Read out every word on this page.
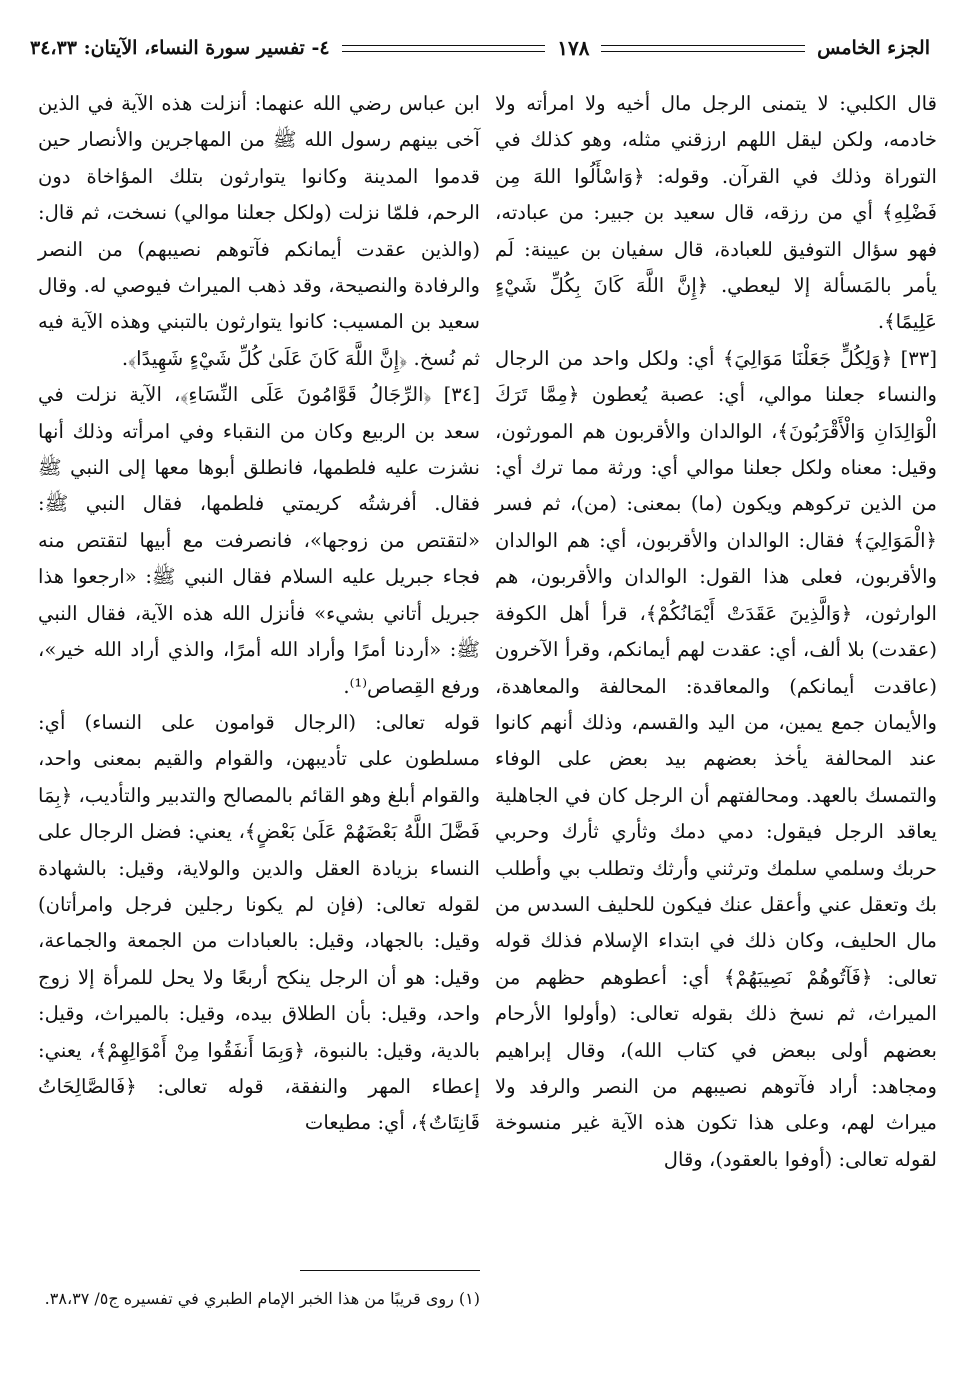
الجزء الخامس
١٧٨
٤- تفسير سورة النساء، الآيتان: ٣٤،٣٣

قال الكلبي: لا يتمنى الرجل مال أخيه ولا امرأته ولا خادمه، ولكن ليقل اللهم ارزقني مثله، وهو كذلك في التوراة وذلك في القرآن. وقوله: ﴿وَاسْأَلُوا اللهَ مِن فَضْلِهِ﴾ أي من رزقه، قال سعيد بن جبير: من عبادته، فهو سؤال التوفيق للعبادة، قال سفيان بن عيينة: لَم يأمر بالمَسألة إلا ليعطي. ﴿إِنَّ اللَّهَ كَانَ بِكُلِّ شَيْءٍ عَلِيمًا﴾.

[٣٣] ﴿وَلِكُلٍّ جَعَلْنَا مَوَالِيَ﴾ أي: ولكل واحد من الرجال والنساء جعلنا موالي، أي: عصبة يُعطون ﴿مِمَّا تَرَكَ الْوَالِدَانِ وَالْأَقْرَبُونَ﴾، الوالدان والأقربون هم المورثون، وقيل: معناه ولكل جعلنا موالي أي: ورثة مما ترك أي: من الذين تركوهم ويكون (ما) بمعنى: (من)، ثم فسر ﴿الْمَوَالِيَ﴾ فقال: الوالدان والأقربون، أي: هم الوالدان والأقربون، فعلى هذا القول: الوالدان والأقربون، هم الوارثون، ﴿وَالَّذِينَ عَقَدَتْ أَيْمَانُكُمْ﴾، قرأ أهل الكوفة (عقدت) بلا ألف، أي: عقدت لهم أيمانكم، وقرأ الآخرون (عاقدت أيمانكم) والمعاقدة: المحالفة والمعاهدة، والأيمان جمع يمين، من اليد والقسم، وذلك أنهم كانوا عند المحالفة يأخذ بعضهم بيد بعض على الوفاء والتمسك بالعهد. ومحالفتهم أن الرجل كان في الجاهلية يعاقد الرجل فيقول: دمي دمك وثأري ثأرك وحربي حربك وسلمي سلمك وترثني وأرثك وتطلب بي وأطلب بك وتعقل عني وأعقل عنك فيكون للحليف السدس من مال الحليف، وكان ذلك في ابتداء الإسلام فذلك قوله تعالى: ﴿فَآتُوهُمْ نَصِيبَهُمْ﴾ أي: أعطوهم حظهم من الميراث، ثم نسخ ذلك بقوله تعالى: (وأولوا الأرحام بعضهم أولى ببعض في كتاب الله)، وقال إبراهيم ومجاهد: أراد فآتوهم نصيبهم من النصر والرفد ولا ميراث لهم، وعلى هذا تكون هذه الآية غير منسوخة لقوله تعالى: (أوفوا بالعقود)، وقال

ابن عباس رضي الله عنهما: أنزلت هذه الآية في الذين آخى بينهم رسول الله ﷺ من المهاجرين والأنصار حين قدموا المدينة وكانوا يتوارثون بتلك المؤاخاة دون الرحم، فلمّا نزلت (ولكل جعلنا موالي) نسخت، ثم قال: (والذين عقدت أيمانكم فآتوهم نصيبهم) من النصر والرفادة والنصيحة، وقد ذهب الميراث فيوصي له. وقال سعيد بن المسيب: كانوا يتوارثون بالتبني وهذه الآية فيه ثم نُسخ. ﴿إِنَّ اللَّهَ كَانَ عَلَىٰ كُلِّ شَيْءٍ شَهِيدًا﴾.

[٣٤] ﴿الرِّجَالُ قَوَّامُونَ عَلَى النِّسَاءِ﴾، الآية نزلت في سعد بن الربيع وكان من النقباء وفي امرأته وذلك أنها نشزت عليه فلطمها، فانطلق أبوها معها إلى النبي ﷺ فقال. أفرشتُه كريمتي فلطمها، فقال النبي ﷺ: «لتقتص من زوجها»، فانصرفت مع أبيها لتقتص منه فجاء جبريل عليه السلام فقال النبي ﷺ: «ارجعوا هذا جبريل أتاني بشيء» فأنزل الله هذه الآية، فقال النبي ﷺ: «أردنا أمرًا وأراد الله أمرًا، والذي أراد الله خير»، ورفع القِصاص⁽¹⁾.

قوله تعالى: (الرجال قوامون على النساء) أي: مسلطون على تأديبهن، والقوام والقيم بمعنى واحد، والقوام أبلغ وهو القائم بالمصالح والتدبير والتأديب، ﴿بِمَا فَضَّلَ اللَّهُ بَعْضَهُمْ عَلَىٰ بَعْضٍ﴾، يعني: فضل الرجال على النساء بزيادة العقل والدين والولاية، وقيل: بالشهادة لقوله تعالى: (فإن لم يكونا رجلين فرجل وامرأتان) وقيل: بالجهاد، وقيل: بالعبادات من الجمعة والجماعة، وقيل: هو أن الرجل ينكح أربعًا ولا يحل للمرأة إلا زوج واحد، وقيل: بأن الطلاق بيده، وقيل: بالميراث، وقيل: بالدية، وقيل: بالنبوة، ﴿وَبِمَا أَنفَقُوا مِنْ أَمْوَالِهِمْ﴾، يعني: إعطاء المهر والنفقة، قوله تعالى: ﴿فَالصَّالِحَاتُ قَانِتَاتٌ﴾، أي: مطيعات

(١) روى قريبًا من هذا الخبر الإمام الطبري في تفسيره ج٥/ ٣٨،٣٧.
